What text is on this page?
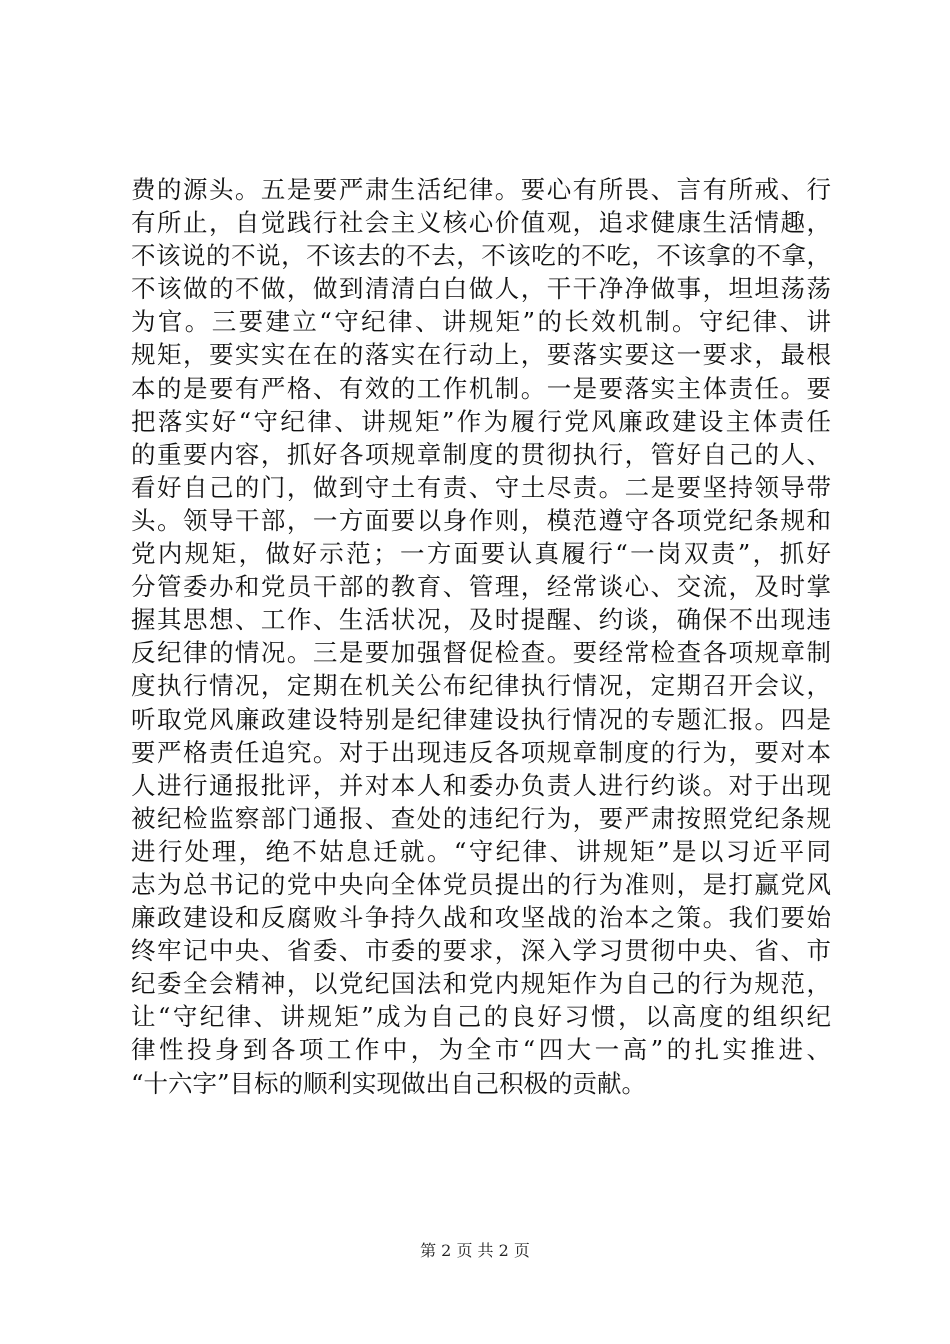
费的源头。五是要严肃生活纪律。要心有所畏、言有所戒、行
有所止，自觉践行社会主义核心价值观，追求健康生活情趣，
不该说的不说，不该去的不去，不该吃的不吃，不该拿的不拿，
不该做的不做，做到清清白白做人，干干净净做事，坦坦荡荡
为官。三要建立“守纪律、讲规矩”的长效机制。守纪律、讲
规矩，要实实在在的落实在行动上，要落实要这一要求，最根
本的是要有严格、有效的工作机制。一是要落实主体责任。要
把落实好“守纪律、讲规矩”作为履行党风廉政建设主体责任
的重要内容，抓好各项规章制度的贯彻执行，管好自己的人、
看好自己的门，做到守土有责、守土尽责。二是要坚持领导带
头。领导干部，一方面要以身作则，模范遵守各项党纪条规和
党内规矩，做好示范；一方面要认真履行“一岗双责”，抓好
分管委办和党员干部的教育、管理，经常谈心、交流，及时掌
握其思想、工作、生活状况，及时提醒、约谈，确保不出现违
反纪律的情况。三是要加强督促检查。要经常检查各项规章制
度执行情况，定期在机关公布纪律执行情况，定期召开会议，
听取党风廉政建设特别是纪律建设执行情况的专题汇报。四是
要严格责任追究。对于出现违反各项规章制度的行为，要对本
人进行通报批评，并对本人和委办负责人进行约谈。对于出现
被纪检监察部门通报、查处的违纪行为，要严肃按照党纪条规
进行处理，绝不姑息迁就。“守纪律、讲规矩”是以习近平同
志为总书记的党中央向全体党员提出的行为准则，是打赢党风
廉政建设和反腐败斗争持久战和攻坚战的治本之策。我们要始
终牢记中央、省委、市委的要求，深入学习贯彻中央、省、市
纪委全会精神，以党纪国法和党内规矩作为自己的行为规范，
让“守纪律、讲规矩”成为自己的良好习惯，以高度的组织纪
律性投身到各项工作中，为全市“四大一高”的扎实推进、
“十六字”目标的顺利实现做出自己积极的贡献。
第 2 页 共 2 页
